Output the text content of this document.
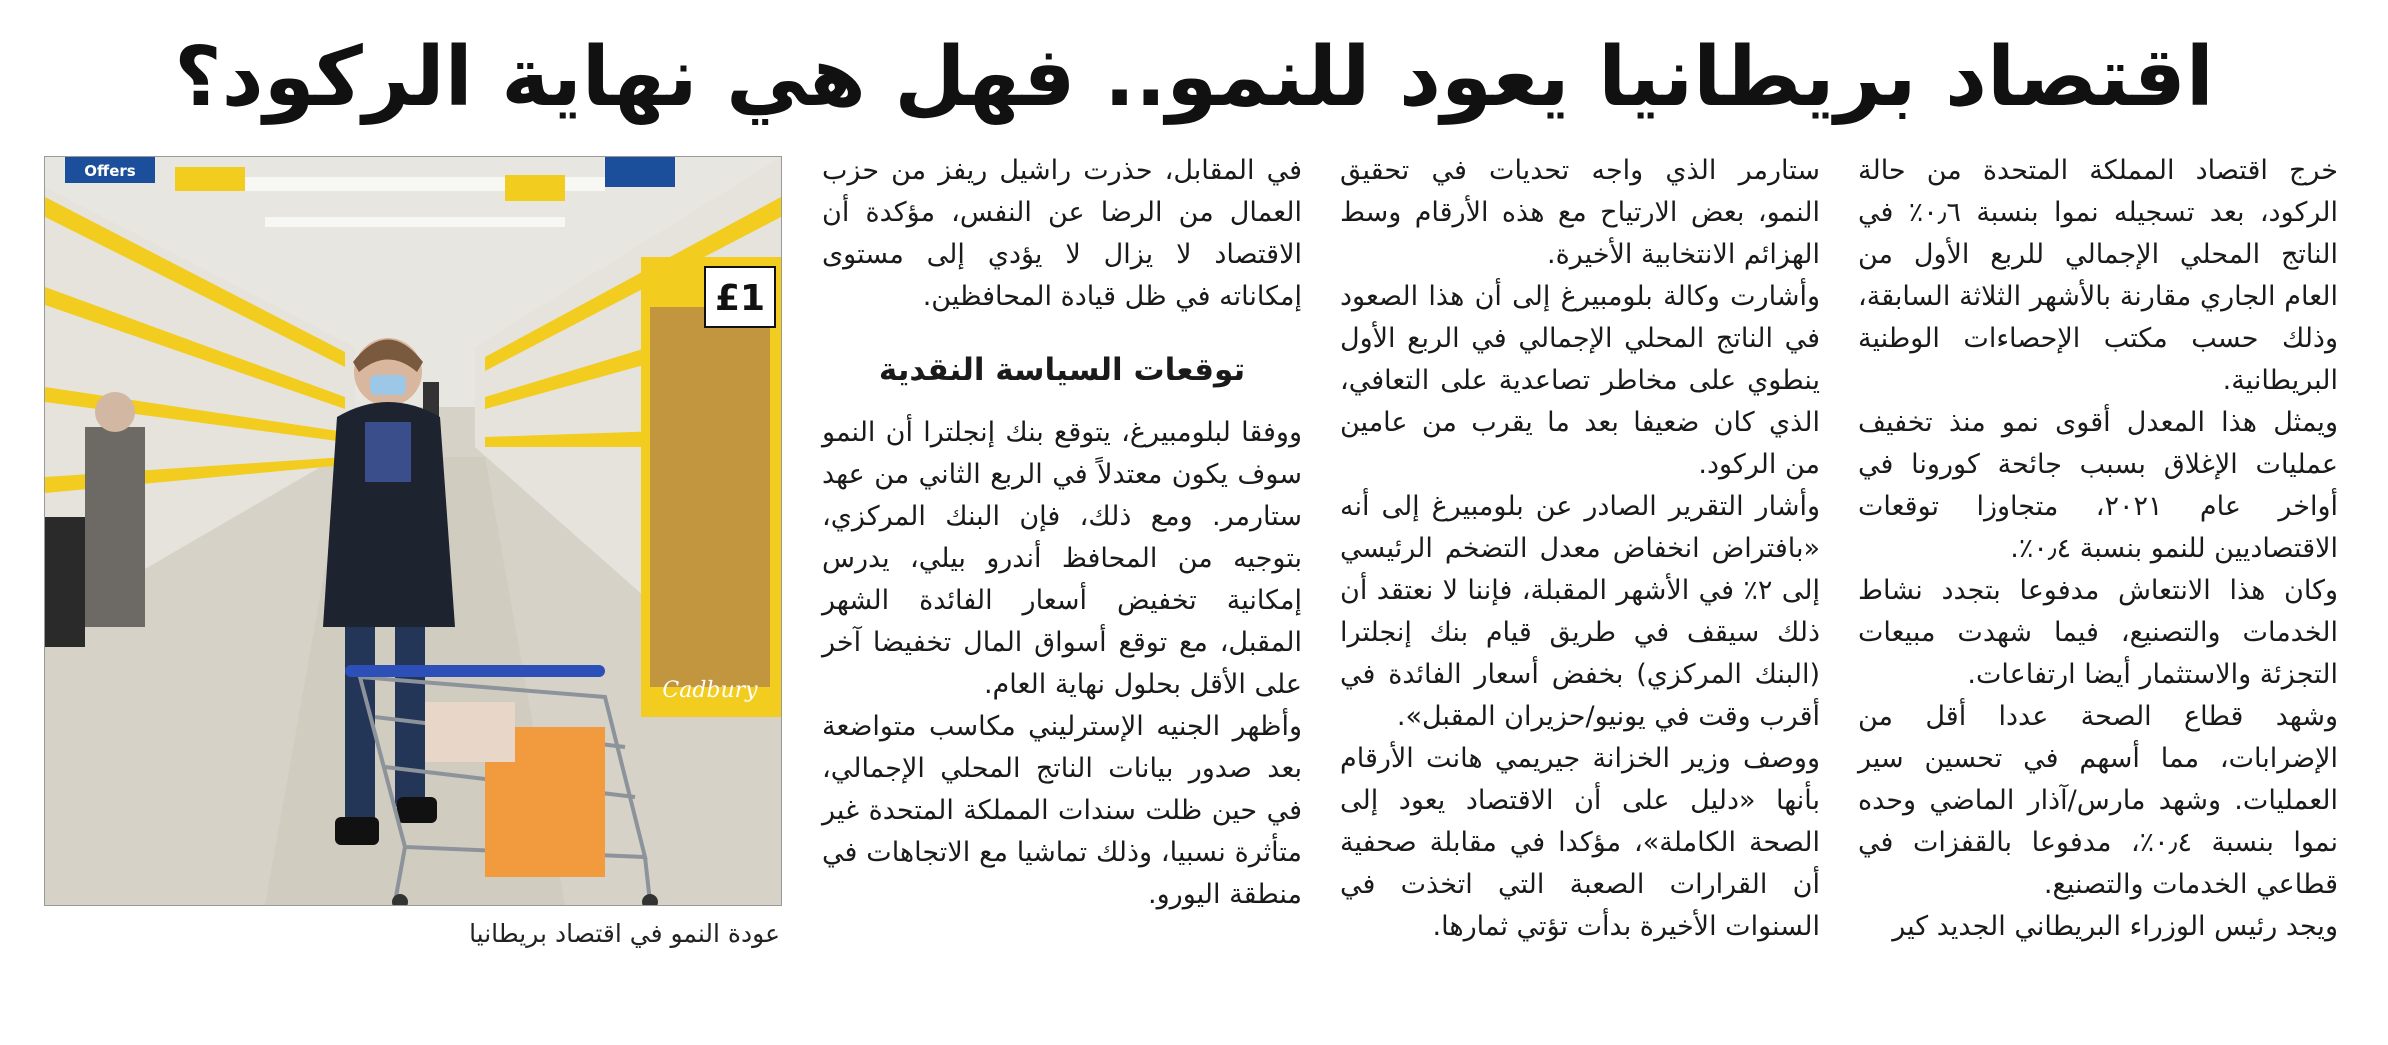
اقتصاد بريطانيا يعود للنمو.. فهل هي نهاية الركود؟

خرج اقتصاد المملكة المتحدة من حالة الركود، بعد تسجيله نموا بنسبة ٠٫٦٪ في الناتج المحلي الإجمالي للربع الأول من العام الجاري مقارنة بالأشهر الثلاثة السابقة، وذلك حسب مكتب الإحصاءات الوطنية البريطانية.

ويمثل هذا المعدل أقوى نمو منذ تخفيف عمليات الإغلاق بسبب جائحة كورونا في أواخر عام ٢٠٢١، متجاوزا توقعات الاقتصاديين للنمو بنسبة ٠٫٤٪.

وكان هذا الانتعاش مدفوعا بتجدد نشاط الخدمات والتصنيع، فيما شهدت مبيعات التجزئة والاستثمار أيضا ارتفاعات.

وشهد قطاع الصحة عددا أقل من الإضرابات، مما أسهم في تحسين سير العمليات. وشهد مارس/آذار الماضي وحده نموا بنسبة ٠٫٤٪، مدفوعا بالقفزات في قطاعي الخدمات والتصنيع.

ويجد رئيس الوزراء البريطاني الجديد كير

ستارمر الذي واجه تحديات في تحقيق النمو، بعض الارتياح مع هذه الأرقام وسط الهزائم الانتخابية الأخيرة.

وأشارت وكالة بلومبيرغ إلى أن هذا الصعود في الناتج المحلي الإجمالي في الربع الأول ينطوي على مخاطر تصاعدية على التعافي، الذي كان ضعيفا بعد ما يقرب من عامين من الركود.

وأشار التقرير الصادر عن بلومبيرغ إلى أنه «بافتراض انخفاض معدل التضخم الرئيسي إلى ٢٪ في الأشهر المقبلة، فإننا لا نعتقد أن ذلك سيقف في طريق قيام بنك إنجلترا (البنك المركزي) بخفض أسعار الفائدة في أقرب وقت في يونيو/حزيران المقبل».

ووصف وزير الخزانة جيريمي هانت الأرقام بأنها «دليل على أن الاقتصاد يعود إلى الصحة الكاملة»، مؤكدا في مقابلة صحفية أن القرارات الصعبة التي اتخذت في السنوات الأخيرة بدأت تؤتي ثمارها.

في المقابل، حذرت راشيل ريفز من حزب العمال من الرضا عن النفس، مؤكدة أن الاقتصاد لا يزال لا يؤدي إلى مستوى إمكاناته في ظل قيادة المحافظين.

توقعات السياسة النقدية

ووفقا لبلومبيرغ، يتوقع بنك إنجلترا أن النمو سوف يكون معتدلاً في الربع الثاني من عهد ستارمر. ومع ذلك، فإن البنك المركزي، بتوجيه من المحافظ أندرو بيلي، يدرس إمكانية تخفيض أسعار الفائدة الشهر المقبل، مع توقع أسواق المال تخفيضا آخر على الأقل بحلول نهاية العام.

وأظهر الجنيه الإسترليني مكاسب متواضعة بعد صدور بيانات الناتج المحلي الإجمالي، في حين ظلت سندات المملكة المتحدة غير متأثرة نسبيا، وذلك تماشيا مع الاتجاهات في منطقة اليورو.

£1
Cadbury
Offers
عودة النمو في اقتصاد بريطانيا
